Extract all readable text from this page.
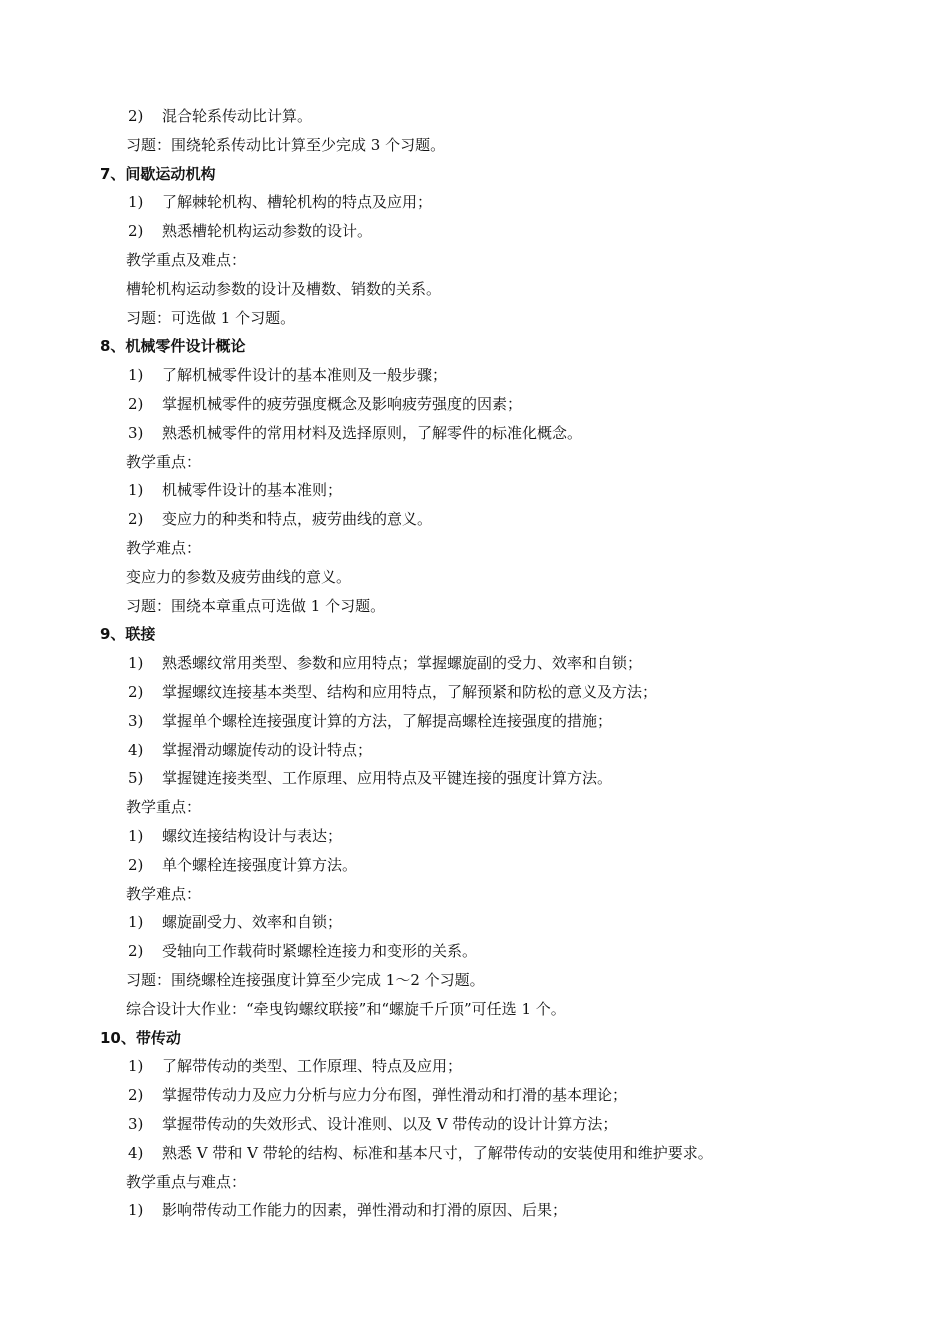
2) 混合轮系传动比计算。
习题：围绕轮系传动比计算至少完成 3 个习题。
7、间歇运动机构
1) 了解棘轮机构、槽轮机构的特点及应用；
2) 熟悉槽轮机构运动参数的设计。
教学重点及难点：
槽轮机构运动参数的设计及槽数、销数的关系。
习题：可选做 1 个习题。
8、机械零件设计概论
1) 了解机械零件设计的基本准则及一般步骤；
2) 掌握机械零件的疲劳强度概念及影响疲劳强度的因素；
3) 熟悉机械零件的常用材料及选择原则，了解零件的标准化概念。
教学重点：
1) 机械零件设计的基本准则；
2) 变应力的种类和特点，疲劳曲线的意义。
教学难点：
变应力的参数及疲劳曲线的意义。
习题：围绕本章重点可选做 1 个习题。
9、联接
1) 熟悉螺纹常用类型、参数和应用特点；掌握螺旋副的受力、效率和自锁；
2) 掌握螺纹连接基本类型、结构和应用特点，了解预紧和防松的意义及方法；
3) 掌握单个螺栓连接强度计算的方法，了解提高螺栓连接强度的措施；
4) 掌握滑动螺旋传动的设计特点；
5) 掌握键连接类型、工作原理、应用特点及平键连接的强度计算方法。
教学重点：
1) 螺纹连接结构设计与表达；
2) 单个螺栓连接强度计算方法。
教学难点：
1) 螺旋副受力、效率和自锁；
2) 受轴向工作载荷时紧螺栓连接力和变形的关系。
习题：围绕螺栓连接强度计算至少完成 1～2 个习题。
综合设计大作业：“牵曳钩螺纹联接”和“螺旋千斤顶”可任选 1 个。
10、带传动
1) 了解带传动的类型、工作原理、特点及应用；
2) 掌握带传动力及应力分析与应力分布图，弹性滑动和打滑的基本理论；
3) 掌握带传动的失效形式、设计准则、以及 V 带传动的设计计算方法；
4) 熟悉 V 带和 V 带轮的结构、标准和基本尺寸，了解带传动的安装使用和维护要求。
教学重点与难点：
1) 影响带传动工作能力的因素，弹性滑动和打滑的原因、后果；
